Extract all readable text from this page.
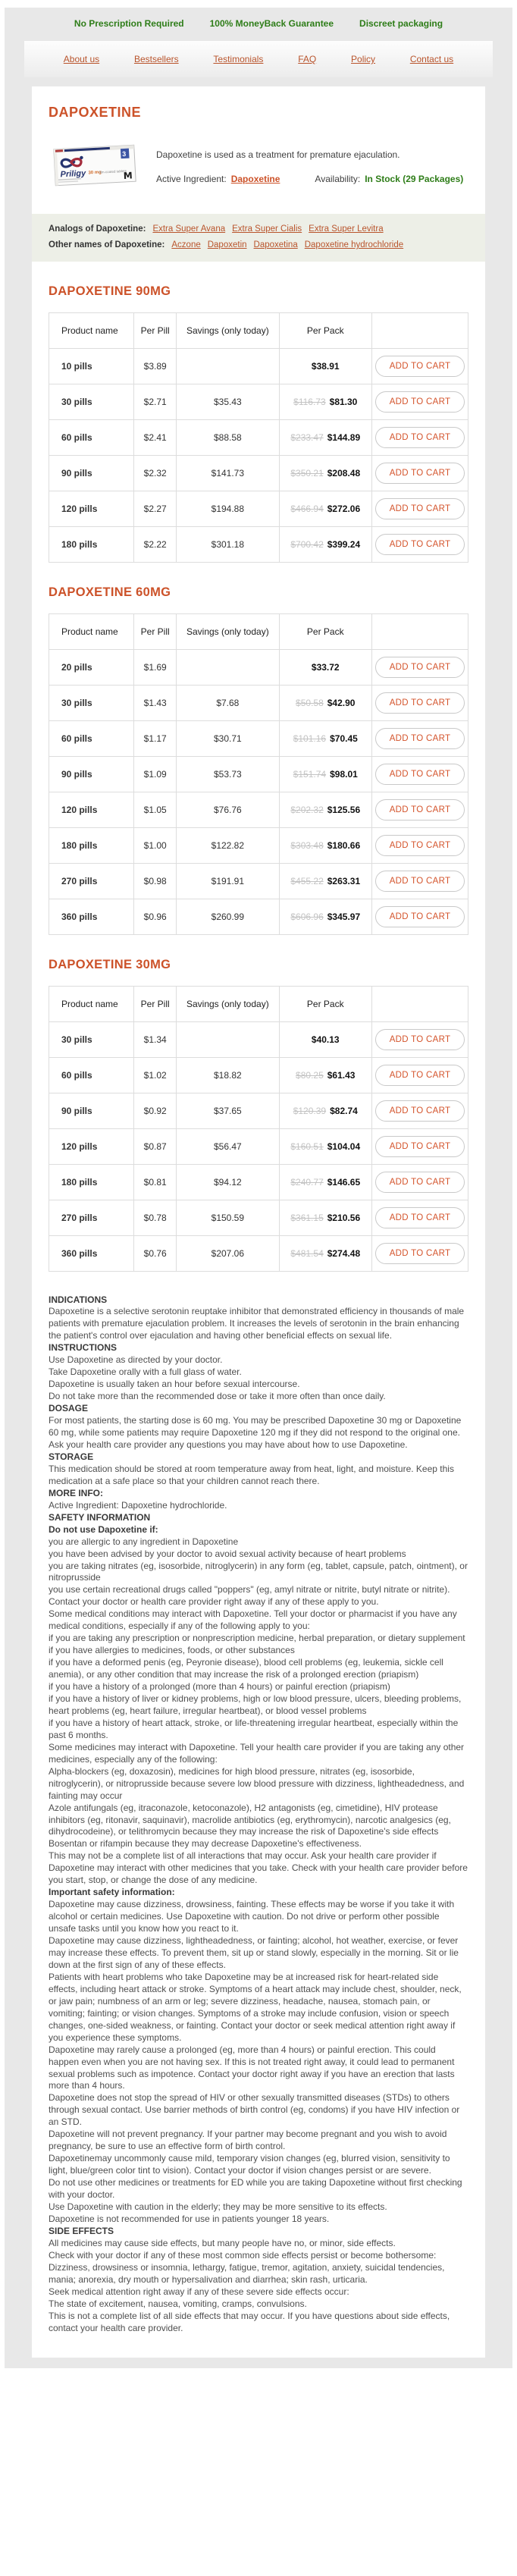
No Prescription Required	100% MoneyBack Guarantee	Discreet packaging
About us	Bestsellers	Testimonials	FAQ	Policy	Contact us
DAPOXETINE
Priligy 30 mg
film-coated tablets
3
M
Dapoxetine is used as a treatment for premature ejaculation.
Active Ingredient: Dapoxetine	Availability: In Stock (29 Packages)
Analogs of Dapoxetine: Extra Super Avana Extra Super Cialis Extra Super Levitra
Other names of Dapoxetine: Aczone Dapoxetin Dapoxetina Dapoxetine hydrochloride
DAPOXETINE 90MG
Product name	Per Pill	Savings (only today)	Per Pack	
10 pills	$3.89		$38.91	ADD TO CART
30 pills	$2.71	$35.43	$116.73 $81.30	ADD TO CART
60 pills	$2.41	$88.58	$233.47 $144.89	ADD TO CART
90 pills	$2.32	$141.73	$350.21 $208.48	ADD TO CART
120 pills	$2.27	$194.88	$466.94 $272.06	ADD TO CART
180 pills	$2.22	$301.18	$700.42 $399.24	ADD TO CART
DAPOXETINE 60MG
Product name	Per Pill	Savings (only today)	Per Pack	
20 pills	$1.69		$33.72	ADD TO CART
30 pills	$1.43	$7.68	$50.58 $42.90	ADD TO CART
60 pills	$1.17	$30.71	$101.16 $70.45	ADD TO CART
90 pills	$1.09	$53.73	$151.74 $98.01	ADD TO CART
120 pills	$1.05	$76.76	$202.32 $125.56	ADD TO CART
180 pills	$1.00	$122.82	$303.48 $180.66	ADD TO CART
270 pills	$0.98	$191.91	$455.22 $263.31	ADD TO CART
360 pills	$0.96	$260.99	$606.96 $345.97	ADD TO CART
DAPOXETINE 30MG
Product name	Per Pill	Savings (only today)	Per Pack	
30 pills	$1.34		$40.13	ADD TO CART
60 pills	$1.02	$18.82	$80.25 $61.43	ADD TO CART
90 pills	$0.92	$37.65	$120.39 $82.74	ADD TO CART
120 pills	$0.87	$56.47	$160.51 $104.04	ADD TO CART
180 pills	$0.81	$94.12	$240.77 $146.65	ADD TO CART
270 pills	$0.78	$150.59	$361.15 $210.56	ADD TO CART
360 pills	$0.76	$207.06	$481.54 $274.48	ADD TO CART
INDICATIONS
Dapoxetine is a selective serotonin reuptake inhibitor that demonstrated efficiency in thousands of male patients with premature ejaculation problem. It increases the levels of serotonin in the brain enhancing the patient's control over ejaculation and having other beneficial effects on sexual life.
INSTRUCTIONS
Use Dapoxetine as directed by your doctor.
Take Dapoxetine orally with a full glass of water.
Dapoxetine is usually taken an hour before sexual intercourse.
Do not take more than the recommended dose or take it more often than once daily.
DOSAGE
For most patients, the starting dose is 60 mg. You may be prescribed Dapoxetine 30 mg or Dapoxetine 60 mg, while some patients may require Dapoxetine 120 mg if they did not respond to the original one.
Ask your health care provider any questions you may have about how to use Dapoxetine.
STORAGE
This medication should be stored at room temperature away from heat, light, and moisture. Keep this medication at a safe place so that your children cannot reach there.
MORE INFO:
Active Ingredient: Dapoxetine hydrochloride.
SAFETY INFORMATION
Do not use Dapoxetine if:
you are allergic to any ingredient in Dapoxetine
you have been advised by your doctor to avoid sexual activity because of heart problems
you are taking nitrates (eg, isosorbide, nitroglycerin) in any form (eg, tablet, capsule, patch, ointment), or nitroprusside
you use certain recreational drugs called "poppers" (eg, amyl nitrate or nitrite, butyl nitrate or nitrite).
Contact your doctor or health care provider right away if any of these apply to you.
Some medical conditions may interact with Dapoxetine. Tell your doctor or pharmacist if you have any medical conditions, especially if any of the following apply to you:
if you are taking any prescription or nonprescription medicine, herbal preparation, or dietary supplement
if you have allergies to medicines, foods, or other substances
if you have a deformed penis (eg, Peyronie disease), blood cell problems (eg, leukemia, sickle cell anemia), or any other condition that may increase the risk of a prolonged erection (priapism)
if you have a history of a prolonged (more than 4 hours) or painful erection (priapism)
if you have a history of liver or kidney problems, high or low blood pressure, ulcers, bleeding problems, heart problems (eg, heart failure, irregular heartbeat), or blood vessel problems
if you have a history of heart attack, stroke, or life-threatening irregular heartbeat, especially within the past 6 months.
Some medicines may interact with Dapoxetine. Tell your health care provider if you are taking any other medicines, especially any of the following:
Alpha-blockers (eg, doxazosin), medicines for high blood pressure, nitrates (eg, isosorbide, nitroglycerin), or nitroprusside because severe low blood pressure with dizziness, lightheadedness, and fainting may occur
Azole antifungals (eg, itraconazole, ketoconazole), H2 antagonists (eg, cimetidine), HIV protease inhibitors (eg, ritonavir, saquinavir), macrolide antibiotics (eg, erythromycin), narcotic analgesics (eg, dihydrocodeine), or telithromycin because they may increase the risk of Dapoxetine's side effects
Bosentan or rifampin because they may decrease Dapoxetine's effectiveness.
This may not be a complete list of all interactions that may occur. Ask your health care provider if Dapoxetine may interact with other medicines that you take. Check with your health care provider before you start, stop, or change the dose of any medicine.
Important safety information:
Dapoxetine may cause dizziness, drowsiness, fainting. These effects may be worse if you take it with alcohol or certain medicines. Use Dapoxetine with caution. Do not drive or perform other possible unsafe tasks until you know how you react to it.
Dapoxetine may cause dizziness, lightheadedness, or fainting; alcohol, hot weather, exercise, or fever may increase these effects. To prevent them, sit up or stand slowly, especially in the morning. Sit or lie down at the first sign of any of these effects.
Patients with heart problems who take Dapoxetine may be at increased risk for heart-related side effects, including heart attack or stroke. Symptoms of a heart attack may include chest, shoulder, neck, or jaw pain; numbness of an arm or leg; severe dizziness, headache, nausea, stomach pain, or vomiting; fainting; or vision changes. Symptoms of a stroke may include confusion, vision or speech changes, one-sided weakness, or fainting. Contact your doctor or seek medical attention right away if you experience these symptoms.
Dapoxetine may rarely cause a prolonged (eg, more than 4 hours) or painful erection. This could happen even when you are not having sex. If this is not treated right away, it could lead to permanent sexual problems such as impotence. Contact your doctor right away if you have an erection that lasts more than 4 hours.
Dapoxetine does not stop the spread of HIV or other sexually transmitted diseases (STDs) to others through sexual contact. Use barrier methods of birth control (eg, condoms) if you have HIV infection or an STD.
Dapoxetine will not prevent pregnancy. If your partner may become pregnant and you wish to avoid pregnancy, be sure to use an effective form of birth control.
Dapoxetinemay uncommonly cause mild, temporary vision changes (eg, blurred vision, sensitivity to light, blue/green color tint to vision). Contact your doctor if vision changes persist or are severe.
Do not use other medicines or treatments for ED while you are taking Dapoxetine without first checking with your doctor.
Use Dapoxetine with caution in the elderly; they may be more sensitive to its effects.
Dapoxetine is not recommended for use in patients younger 18 years.
SIDE EFFECTS
All medicines may cause side effects, but many people have no, or minor, side effects.
Check with your doctor if any of these most common side effects persist or become bothersome:
Dizziness, drowsiness or insomnia, lethargy, fatigue, tremor, agitation, anxiety, suicidal tendencies, mania; anorexia, dry mouth or hypersalivation and diarrhea; skin rash, urticaria.
Seek medical attention right away if any of these severe side effects occur:
The state of excitement, nausea, vomiting, cramps, convulsions.
This is not a complete list of all side effects that may occur. If you have questions about side effects, contact your health care provider.
